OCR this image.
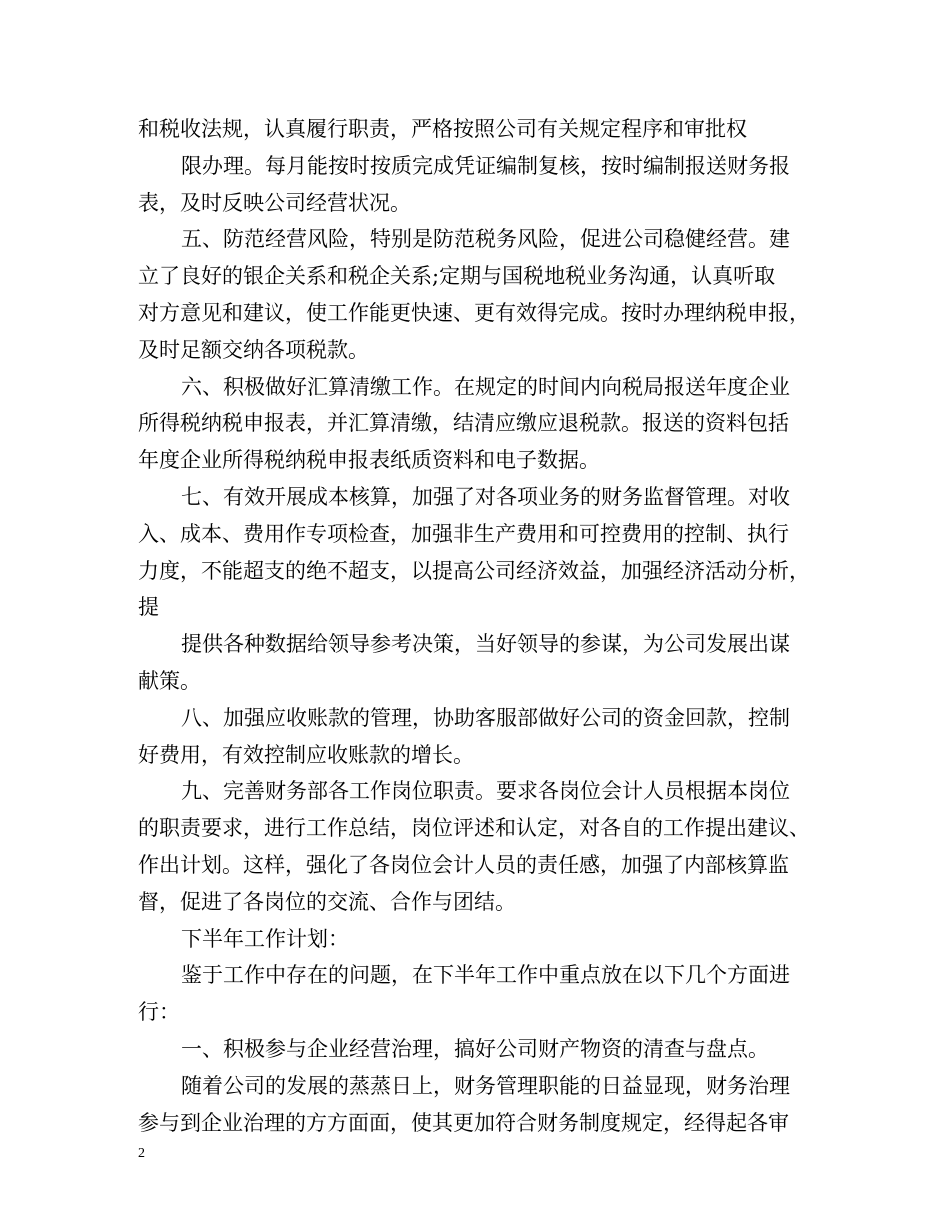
和税收法规，认真履行职责，严格按照公司有关规定程序和审批权
限办理。每月能按时按质完成凭证编制复核，按时编制报送财务报
表，及时反映公司经营状况。
五、防范经营风险，特别是防范税务风险，促进公司稳健经营。建
立了良好的银企关系和税企关系;定期与国税地税业务沟通，认真听取
对方意见和建议，使工作能更快速、更有效得完成。按时办理纳税申报，
及时足额交纳各项税款。
六、积极做好汇算清缴工作。在规定的时间内向税局报送年度企业
所得税纳税申报表，并汇算清缴，结清应缴应退税款。报送的资料包括
年度企业所得税纳税申报表纸质资料和电子数据。
七、有效开展成本核算，加强了对各项业务的财务监督管理。对收
入、成本、费用作专项检查，加强非生产费用和可控费用的控制、执行
力度，不能超支的绝不超支，以提高公司经济效益，加强经济活动分析，
提
提供各种数据给领导参考决策，当好领导的参谋，为公司发展出谋
献策。
八、加强应收账款的管理，协助客服部做好公司的资金回款，控制
好费用，有效控制应收账款的增长。
九、完善财务部各工作岗位职责。要求各岗位会计人员根据本岗位
的职责要求，进行工作总结，岗位评述和认定，对各自的工作提出建议、
作出计划。这样，强化了各岗位会计人员的责任感，加强了内部核算监
督，促进了各岗位的交流、合作与团结。
下半年工作计划：
鉴于工作中存在的问题，在下半年工作中重点放在以下几个方面进
行：
一、积极参与企业经营治理，搞好公司财产物资的清查与盘点。
随着公司的发展的蒸蒸日上，财务管理职能的日益显现，财务治理
参与到企业治理的方方面面，使其更加符合财务制度规定，经得起各审
2
